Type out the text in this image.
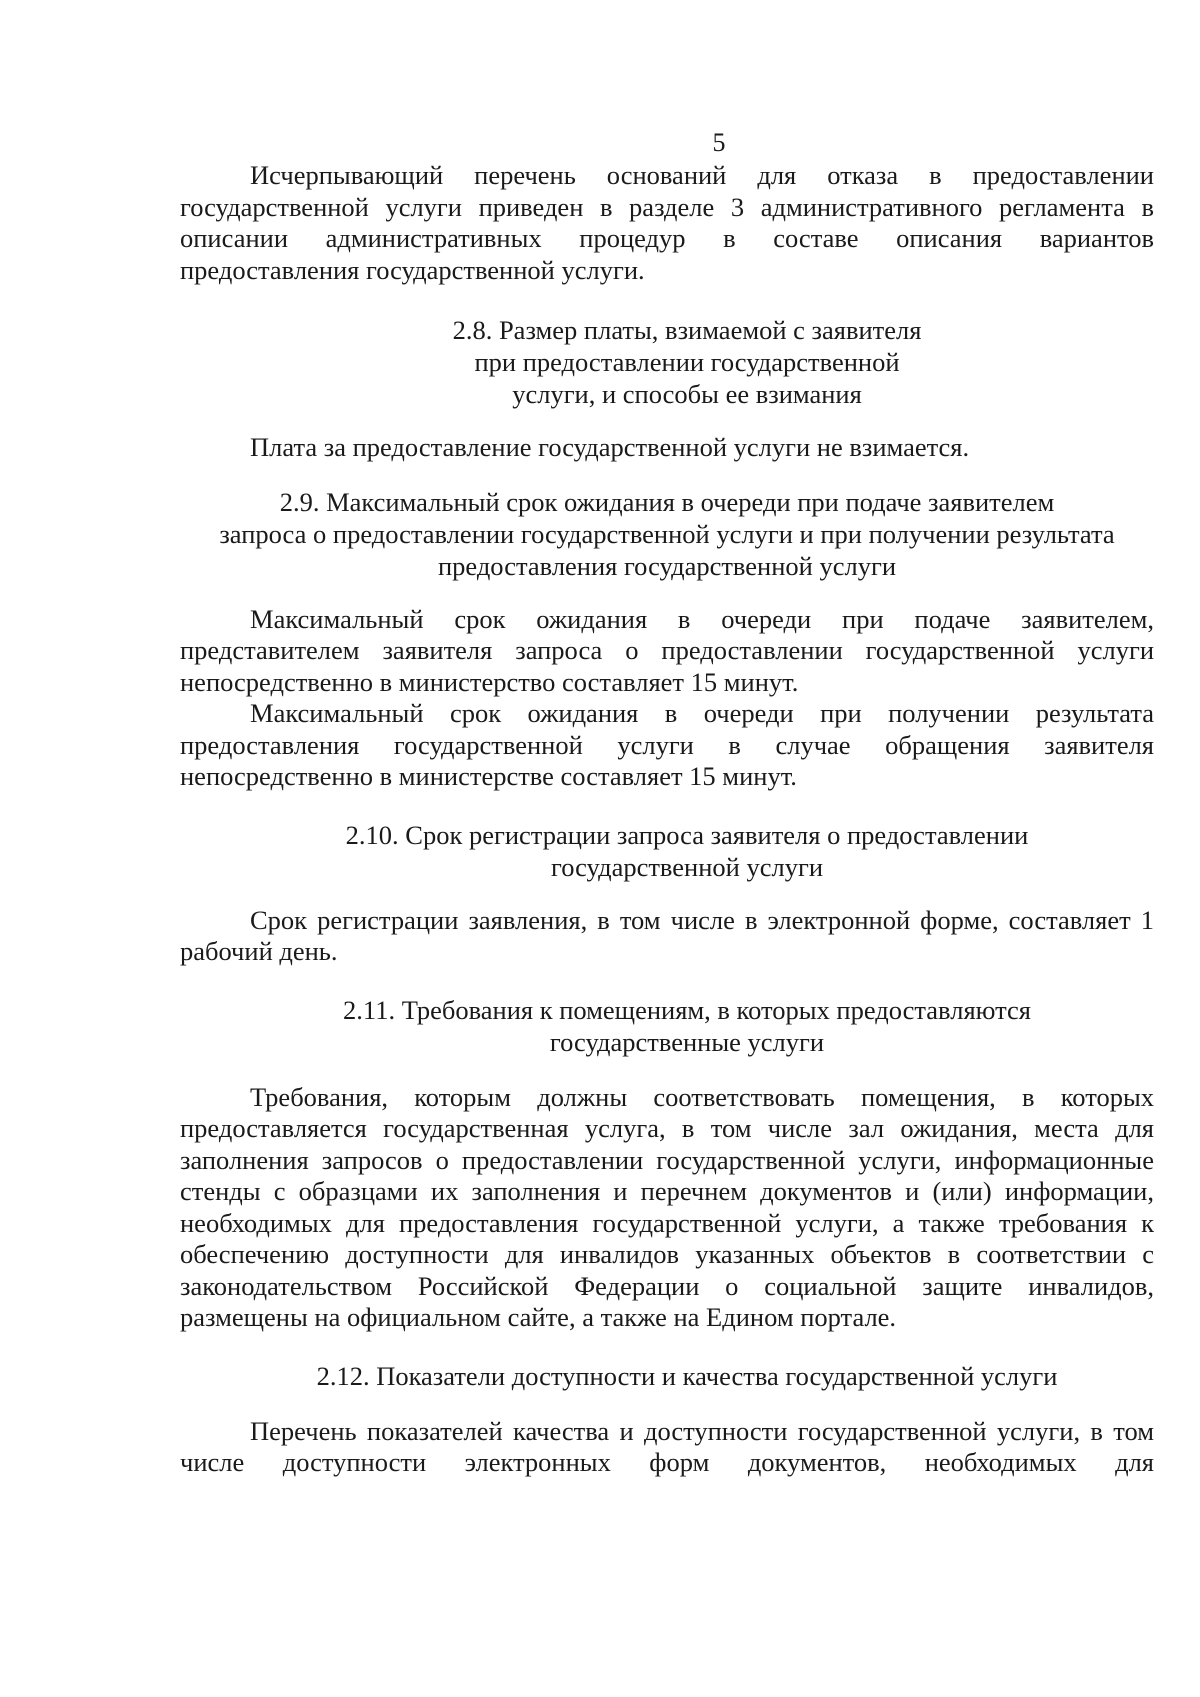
5

Исчерпывающий перечень оснований для отказа в предоставлении государственной услуги приведен в разделе 3 административного регламента в описании административных процедур в составе описания вариантов предоставления государственной услуги.

2.8. Размер платы, взимаемой с заявителя
при предоставлении государственной
услуги, и способы ее взимания

Плата за предоставление государственной услуги не взимается.

2.9. Максимальный срок ожидания в очереди при подаче заявителем
запроса о предоставлении государственной услуги и при получении результата
предоставления государственной услуги

Максимальный срок ожидания в очереди при подаче заявителем, представителем заявителя запроса о предоставлении государственной услуги непосредственно в министерство составляет 15 минут.

Максимальный срок ожидания в очереди при получении результата предоставления государственной услуги в случае обращения заявителя непосредственно в министерстве составляет 15 минут.

2.10. Срок регистрации запроса заявителя о предоставлении
государственной услуги

Срок регистрации заявления, в том числе в электронной форме, составляет 1 рабочий день.

2.11. Требования к помещениям, в которых предоставляются
государственные услуги

Требования, которым должны соответствовать помещения, в которых предоставляется государственная услуга, в том числе зал ожидания, места для заполнения запросов о предоставлении государственной услуги, информационные стенды с образцами их заполнения и перечнем документов и (или) информации, необходимых для предоставления государственной услуги, а также требования к обеспечению доступности для инвалидов указанных объектов в соответствии с законодательством Российской Федерации о социальной защите инвалидов, размещены на официальном сайте, а также на Едином портале.

2.12. Показатели доступности и качества государственной услуги

Перечень показателей качества и доступности государственной услуги, в том числе доступности электронных форм документов, необходимых для
